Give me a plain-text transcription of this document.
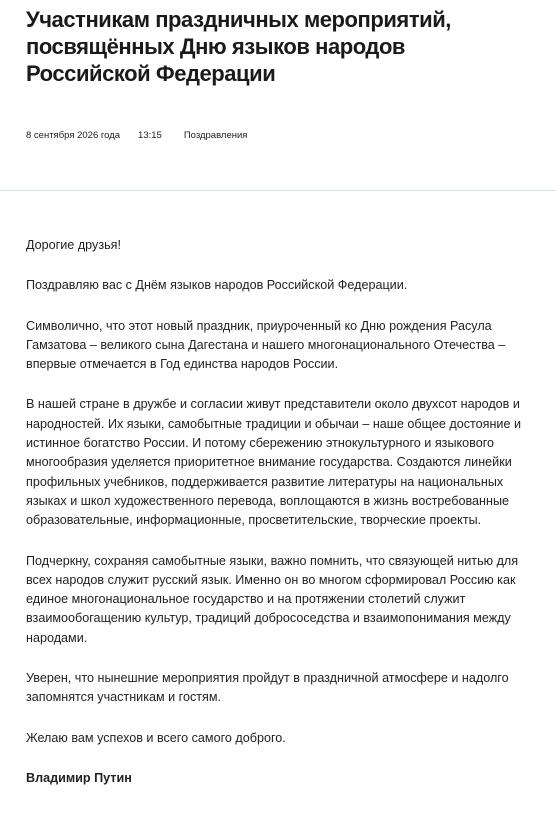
Участникам праздничных мероприятий, посвящённых Дню языков народов Российской Федерации
8 сентября 2026 года 13:15 Поздравления

Дорогие друзья!

Поздравляю вас с Днём языков народов Российской Федерации.

Символично, что этот новый праздник, приуроченный ко Дню рождения Расула Гамзатова – великого сына Дагестана и нашего многонационального Отечества – впервые отмечается в Год единства народов России.

В нашей стране в дружбе и согласии живут представители около двухсот народов и народностей. Их языки, самобытные традиции и обычаи – наше общее достояние и истинное богатство России. И потому сбережению этнокультурного и языкового многообразия уделяется приоритетное внимание государства. Создаются линейки профильных учебников, поддерживается развитие литературы на национальных языках и школ художественного перевода, воплощаются в жизнь востребованные образовательные, информационные, просветительские, творческие проекты.

Подчеркну, сохраняя самобытные языки, важно помнить, что связующей нитью для всех народов служит русский язык. Именно он во многом сформировал Россию как единое многонациональное государство и на протяжении столетий служит взаимообогащению культур, традиций добрососедства и взаимопонимания между народами.

Уверен, что нынешние мероприятия пройдут в праздничной атмосфере и надолго запомнятся участникам и гостям.

Желаю вам успехов и всего самого доброго.

Владимир Путин
